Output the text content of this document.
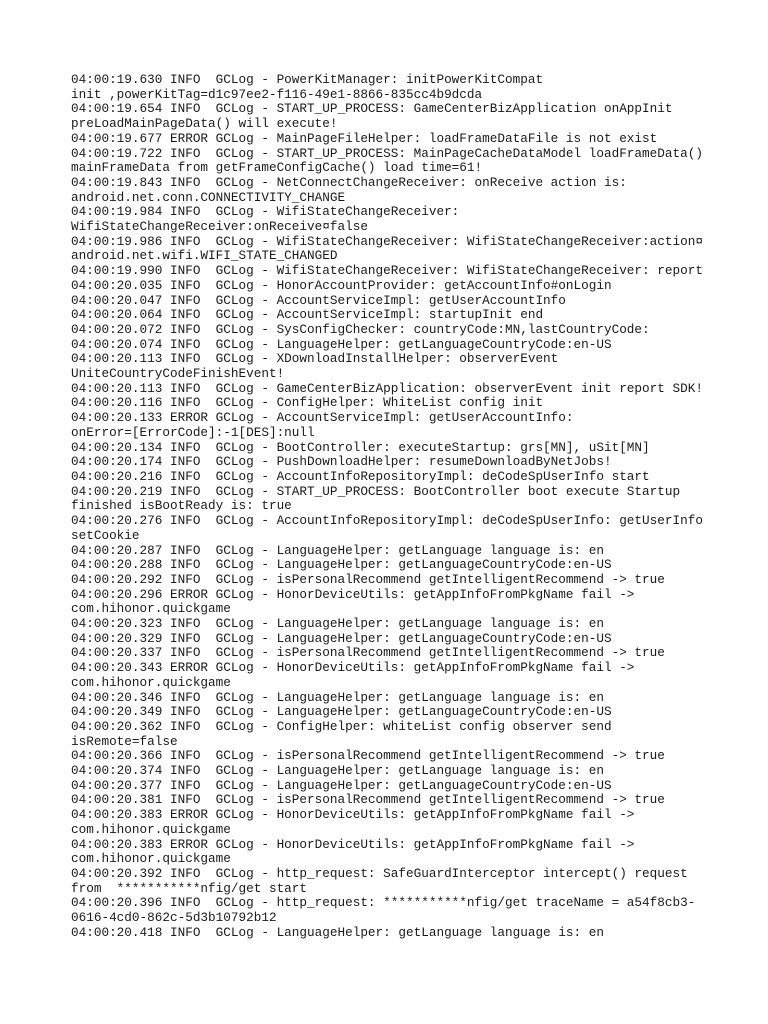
04:00:19.630 INFO  GCLog - PowerKitManager: initPowerKitCompat
init ,powerKitTag=d1c97ee2-f116-49e1-8866-835cc4b9dcda
04:00:19.654 INFO  GCLog - START_UP_PROCESS: GameCenterBizApplication onAppInit
preLoadMainPageData() will execute!
04:00:19.677 ERROR GCLog - MainPageFileHelper: loadFrameDataFile is not exist
04:00:19.722 INFO  GCLog - START_UP_PROCESS: MainPageCacheDataModel loadFrameData()
mainFrameData from getFrameConfigCache() load time=61!
04:00:19.843 INFO  GCLog - NetConnectChangeReceiver: onReceive action is:
android.net.conn.CONNECTIVITY_CHANGE
04:00:19.984 INFO  GCLog - WifiStateChangeReceiver:
WifiStateChangeReceiver:onReceive¤false
04:00:19.986 INFO  GCLog - WifiStateChangeReceiver: WifiStateChangeReceiver:action¤
android.net.wifi.WIFI_STATE_CHANGED
04:00:19.990 INFO  GCLog - WifiStateChangeReceiver: WifiStateChangeReceiver: report
04:00:20.035 INFO  GCLog - HonorAccountProvider: getAccountInfo#onLogin
04:00:20.047 INFO  GCLog - AccountServiceImpl: getUserAccountInfo
04:00:20.064 INFO  GCLog - AccountServiceImpl: startupInit end
04:00:20.072 INFO  GCLog - SysConfigChecker: countryCode:MN,lastCountryCode:
04:00:20.074 INFO  GCLog - LanguageHelper: getLanguageCountryCode:en-US
04:00:20.113 INFO  GCLog - XDownloadInstallHelper: observerEvent
UniteCountryCodeFinishEvent!
04:00:20.113 INFO  GCLog - GameCenterBizApplication: observerEvent init report SDK!
04:00:20.116 INFO  GCLog - ConfigHelper: WhiteList config init
04:00:20.133 ERROR GCLog - AccountServiceImpl: getUserAccountInfo:
onError=[ErrorCode]:-1[DES]:null
04:00:20.134 INFO  GCLog - BootController: executeStartup: grs[MN], uSit[MN]
04:00:20.174 INFO  GCLog - PushDownloadHelper: resumeDownloadByNetJobs!
04:00:20.216 INFO  GCLog - AccountInfoRepositoryImpl: deCodeSpUserInfo start
04:00:20.219 INFO  GCLog - START_UP_PROCESS: BootController boot execute Startup
finished isBootReady is: true
04:00:20.276 INFO  GCLog - AccountInfoRepositoryImpl: deCodeSpUserInfo: getUserInfo
setCookie
04:00:20.287 INFO  GCLog - LanguageHelper: getLanguage language is: en
04:00:20.288 INFO  GCLog - LanguageHelper: getLanguageCountryCode:en-US
04:00:20.292 INFO  GCLog - isPersonalRecommend getIntelligentRecommend -> true
04:00:20.296 ERROR GCLog - HonorDeviceUtils: getAppInfoFromPkgName fail ->
com.hihonor.quickgame
04:00:20.323 INFO  GCLog - LanguageHelper: getLanguage language is: en
04:00:20.329 INFO  GCLog - LanguageHelper: getLanguageCountryCode:en-US
04:00:20.337 INFO  GCLog - isPersonalRecommend getIntelligentRecommend -> true
04:00:20.343 ERROR GCLog - HonorDeviceUtils: getAppInfoFromPkgName fail ->
com.hihonor.quickgame
04:00:20.346 INFO  GCLog - LanguageHelper: getLanguage language is: en
04:00:20.349 INFO  GCLog - LanguageHelper: getLanguageCountryCode:en-US
04:00:20.362 INFO  GCLog - ConfigHelper: whiteList config observer send
isRemote=false
04:00:20.366 INFO  GCLog - isPersonalRecommend getIntelligentRecommend -> true
04:00:20.374 INFO  GCLog - LanguageHelper: getLanguage language is: en
04:00:20.377 INFO  GCLog - LanguageHelper: getLanguageCountryCode:en-US
04:00:20.381 INFO  GCLog - isPersonalRecommend getIntelligentRecommend -> true
04:00:20.383 ERROR GCLog - HonorDeviceUtils: getAppInfoFromPkgName fail ->
com.hihonor.quickgame
04:00:20.383 ERROR GCLog - HonorDeviceUtils: getAppInfoFromPkgName fail ->
com.hihonor.quickgame
04:00:20.392 INFO  GCLog - http_request: SafeGuardInterceptor intercept() request
from  ***********nfig/get start
04:00:20.396 INFO  GCLog - http_request: ***********nfig/get traceName = a54f8cb3-
0616-4cd0-862c-5d3b10792b12
04:00:20.418 INFO  GCLog - LanguageHelper: getLanguage language is: en
